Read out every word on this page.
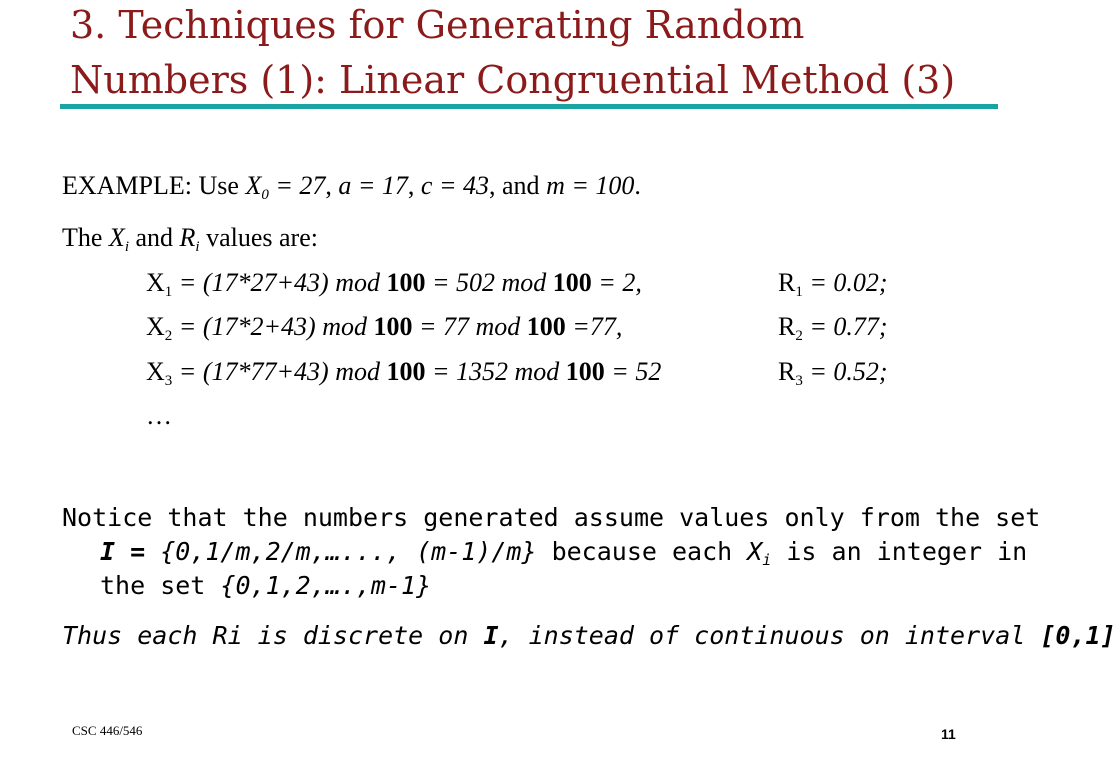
3. Techniques for Generating Random Numbers (1): Linear Congruential Method (3)
EXAMPLE: Use $X_0 = 27$, a = 17, c = 43, and m = 100.
The $X_i$ and $R_i$ values are:
$X_1 = (17*27+43)$ mod 100 = 502 mod 100 = 2,	$R_1 = 0.02$;
$X_2 = (17*2+43)$ mod 100 = 77 mod 100 =77,	$R_2 = 0.77$;
$X_3 = (17*77+43)$ mod 100 = 1352 mod 100 = 52	$R_3 = 0.52$;
…
Notice that the numbers generated assume values only from the set
I = {0,1/m,2/m,…..., (m-1)/m} because each $X_i$ is an integer in
the set {0,1,2,….,m-1}
Thus each Ri is discrete on I, instead of continuous on interval [0,1]
CSC 446/546	11
